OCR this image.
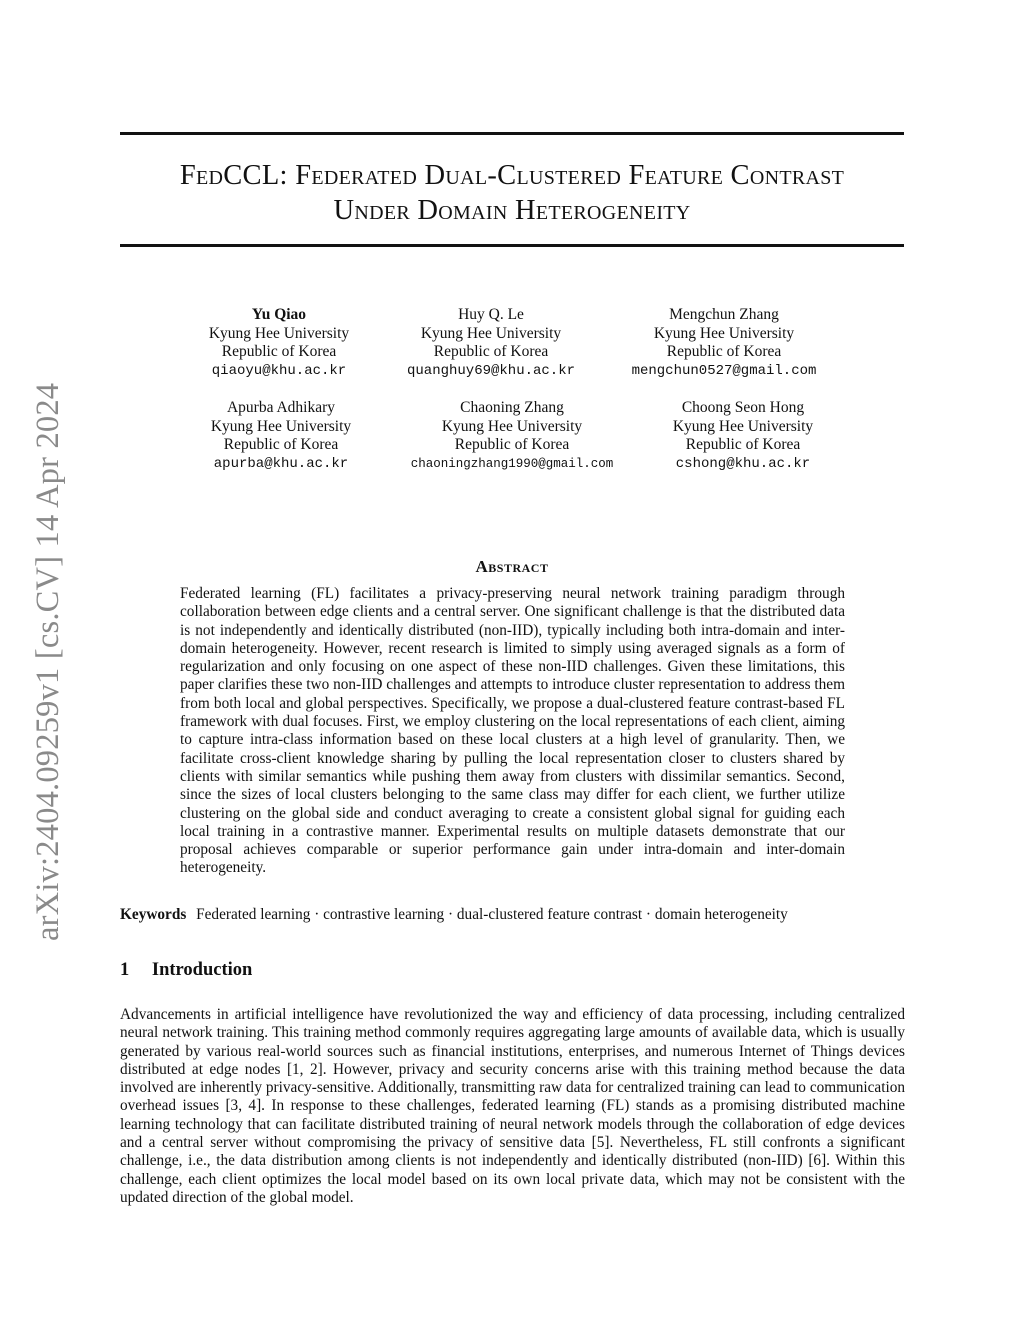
arXiv:2404.09259v1 [cs.CV] 14 Apr 2024
FedCCL: Federated Dual-Clustered Feature Contrast
Under Domain Heterogeneity
Yu Qiao
Kyung Hee University
Republic of Korea
qiaoyu@khu.ac.kr
Huy Q. Le
Kyung Hee University
Republic of Korea
quanghuy69@khu.ac.kr
Mengchun Zhang
Kyung Hee University
Republic of Korea
mengchun0527@gmail.com
Apurba Adhikary
Kyung Hee University
Republic of Korea
apurba@khu.ac.kr
Chaoning Zhang
Kyung Hee University
Republic of Korea
chaoningzhang1990@gmail.com
Choong Seon Hong
Kyung Hee University
Republic of Korea
cshong@khu.ac.kr
Abstract
Federated learning (FL) facilitates a privacy-preserving neural network training paradigm through collaboration between edge clients and a central server. One significant challenge is that the distributed data is not independently and identically distributed (non-IID), typically including both intra-domain and inter-domain heterogeneity. However, recent research is limited to simply using averaged signals as a form of regularization and only focusing on one aspect of these non-IID challenges. Given these limitations, this paper clarifies these two non-IID challenges and attempts to introduce cluster representation to address them from both local and global perspectives. Specifically, we propose a dual-clustered feature contrast-based FL framework with dual focuses. First, we employ clustering on the local representations of each client, aiming to capture intra-class information based on these local clusters at a high level of granularity. Then, we facilitate cross-client knowledge sharing by pulling the local representation closer to clusters shared by clients with similar semantics while pushing them away from clusters with dissimilar semantics. Second, since the sizes of local clusters belonging to the same class may differ for each client, we further utilize clustering on the global side and conduct averaging to create a consistent global signal for guiding each local training in a contrastive manner. Experimental results on multiple datasets demonstrate that our proposal achieves comparable or superior performance gain under intra-domain and inter-domain heterogeneity.
Keywords Federated learning · contrastive learning · dual-clustered feature contrast · domain heterogeneity
1 Introduction
Advancements in artificial intelligence have revolutionized the way and efficiency of data processing, including centralized neural network training. This training method commonly requires aggregating large amounts of available data, which is usually generated by various real-world sources such as financial institutions, enterprises, and numerous Internet of Things devices distributed at edge nodes [1, 2]. However, privacy and security concerns arise with this training method because the data involved are inherently privacy-sensitive. Additionally, transmitting raw data for centralized training can lead to communication overhead issues [3, 4]. In response to these challenges, federated learning (FL) stands as a promising distributed machine learning technology that can facilitate distributed training of neural network models through the collaboration of edge devices and a central server without compromising the privacy of sensitive data [5]. Nevertheless, FL still confronts a significant challenge, i.e., the data distribution among clients is not independently and identically distributed (non-IID) [6]. Within this challenge, each client optimizes the local model based on its own local private data, which may not be consistent with the updated direction of the global model.
